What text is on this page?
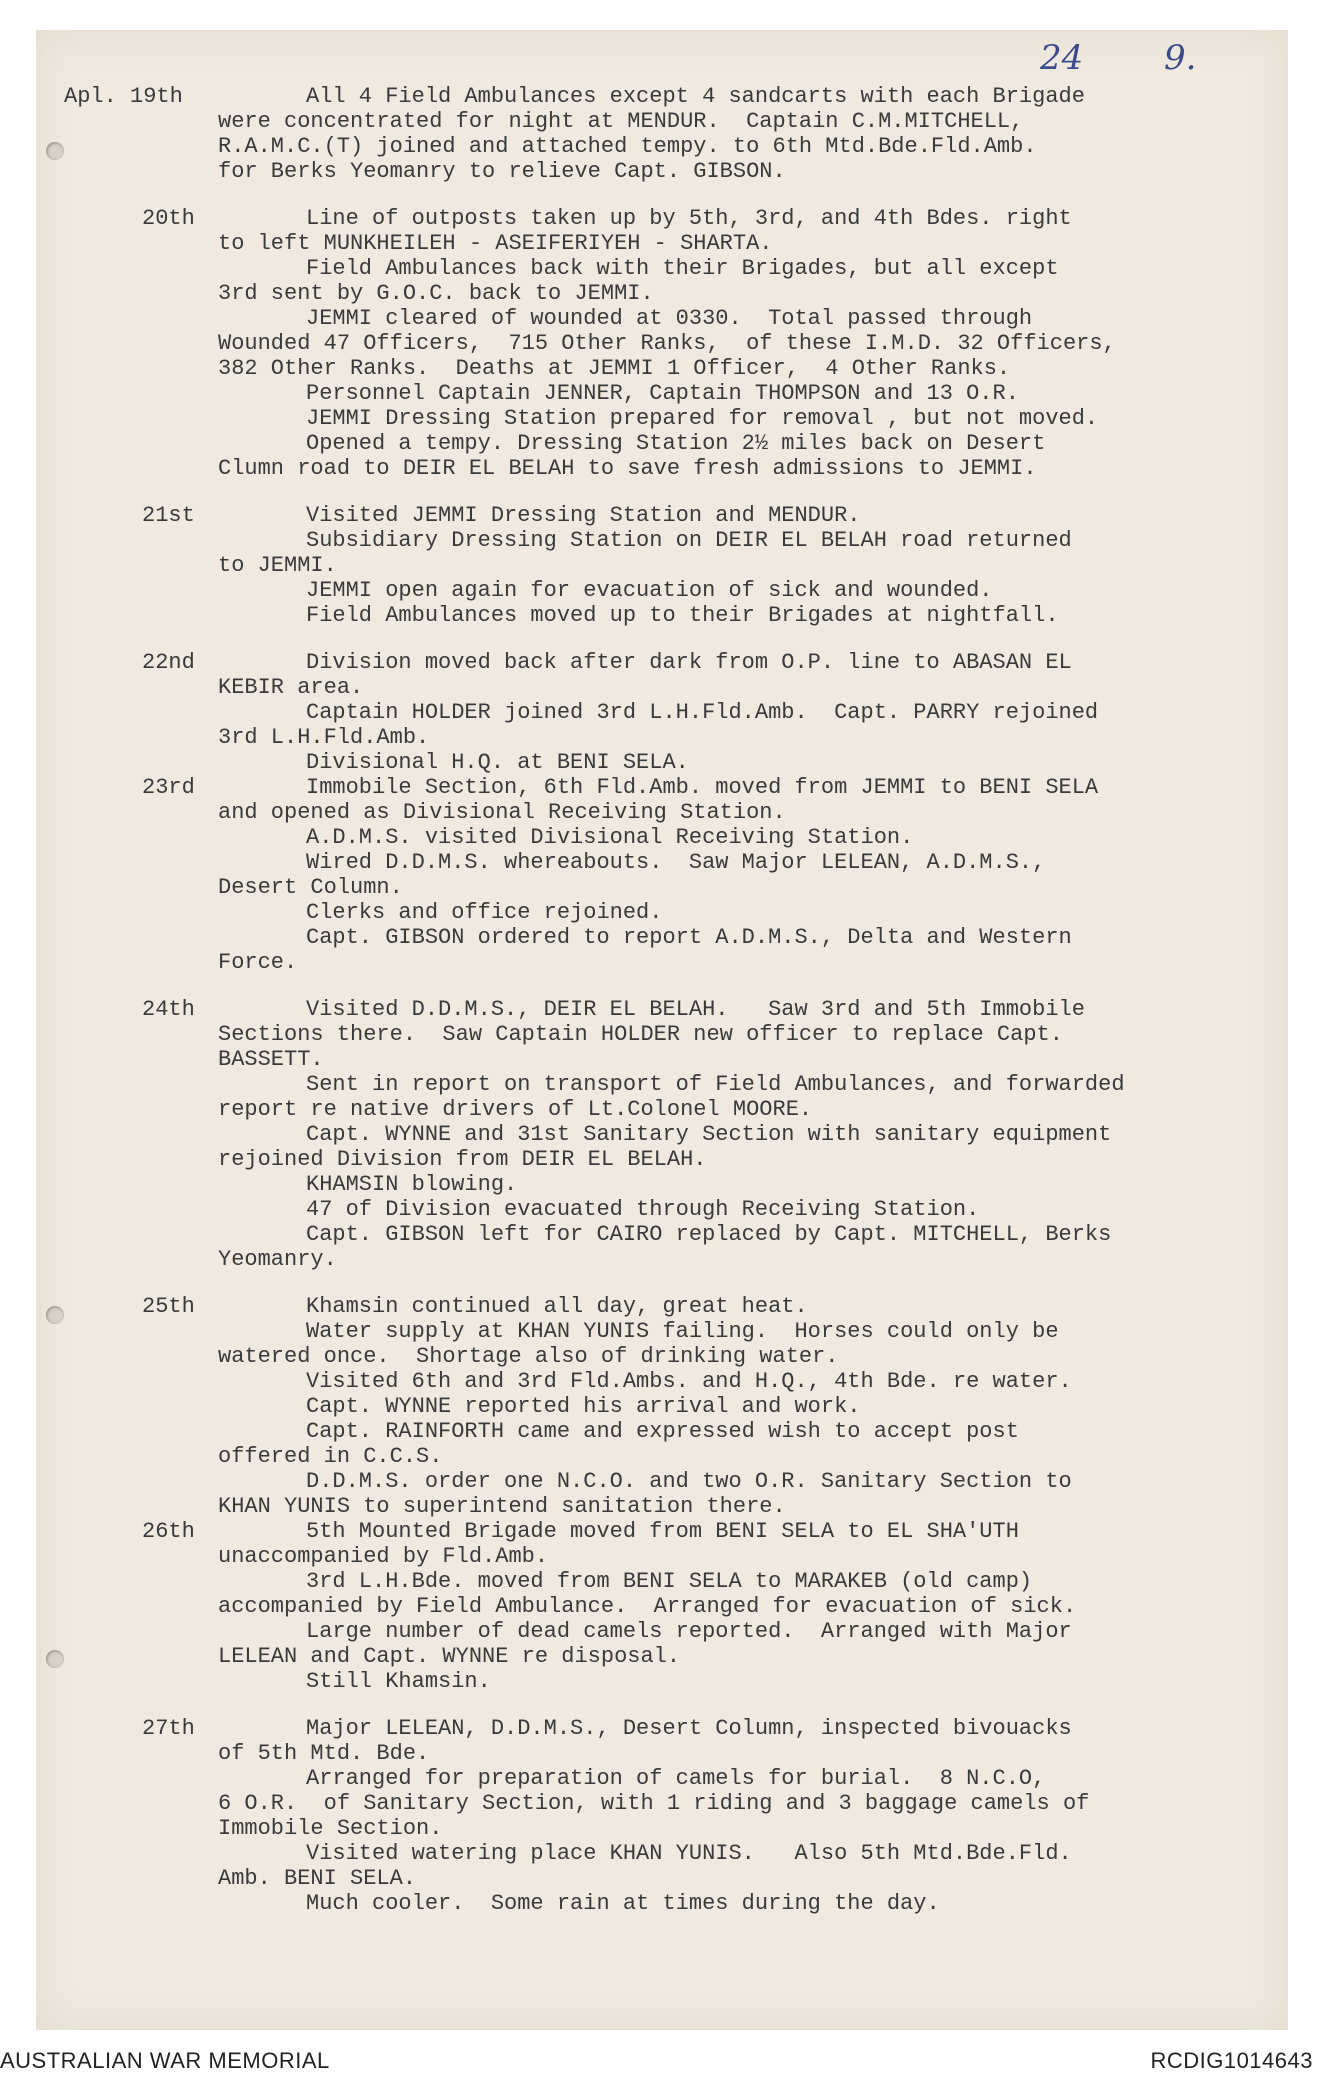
24 9.
Apl. 19th	All 4 Field Ambulances except 4 sandcarts with each Brigade
were concentrated for night at MENDUR.  Captain C.M.MITCHELL,
R.A.M.C.(T) joined and attached tempy. to 6th Mtd.Bde.Fld.Amb.
for Berks Yeomanry to relieve Capt. GIBSON.
20th	Line of outposts taken up by 5th, 3rd, and 4th Bdes. right
to left MUNKHEILEH - ASEIFERIYEH - SHARTA.
Field Ambulances back with their Brigades, but all except
3rd sent by G.O.C. back to JEMMI.
JEMMI cleared of wounded at 0330.  Total passed through
Wounded 47 Officers,  715 Other Ranks,  of these I.M.D. 32 Officers,
382 Other Ranks.  Deaths at JEMMI 1 Officer,  4 Other Ranks.
Personnel Captain JENNER, Captain THOMPSON and 13 O.R.
JEMMI Dressing Station prepared for removal , but not moved.
Opened a tempy. Dressing Station 2½ miles back on Desert
Clumn road to DEIR EL BELAH to save fresh admissions to JEMMI.
21st	Visited JEMMI Dressing Station and MENDUR.
Subsidiary Dressing Station on DEIR EL BELAH road returned
to JEMMI.
JEMMI open again for evacuation of sick and wounded.
Field Ambulances moved up to their Brigades at nightfall.
22nd	Division moved back after dark from O.P. line to ABASAN EL
KEBIR area.
Captain HOLDER joined 3rd L.H.Fld.Amb.  Capt. PARRY rejoined
3rd L.H.Fld.Amb.
Divisional H.Q. at BENI SELA.
23rd	Immobile Section, 6th Fld.Amb. moved from JEMMI to BENI SELA
and opened as Divisional Receiving Station.
A.D.M.S. visited Divisional Receiving Station.
Wired D.D.M.S. whereabouts.  Saw Major LELEAN, A.D.M.S.,
Desert Column.
Clerks and office rejoined.
Capt. GIBSON ordered to report A.D.M.S., Delta and Western
Force.
24th	Visited D.D.M.S., DEIR EL BELAH.   Saw 3rd and 5th Immobile
Sections there.  Saw Captain HOLDER new officer to replace Capt.
BASSETT.
Sent in report on transport of Field Ambulances, and forwarded
report re native drivers of Lt.Colonel MOORE.
Capt. WYNNE and 31st Sanitary Section with sanitary equipment
rejoined Division from DEIR EL BELAH.
KHAMSIN blowing.
47 of Division evacuated through Receiving Station.
Capt. GIBSON left for CAIRO replaced by Capt. MITCHELL, Berks
Yeomanry.
25th	Khamsin continued all day, great heat.
Water supply at KHAN YUNIS failing.  Horses could only be
watered once.  Shortage also of drinking water.
Visited 6th and 3rd Fld.Ambs. and H.Q., 4th Bde. re water.
Capt. WYNNE reported his arrival and work.
Capt. RAINFORTH came and expressed wish to accept post
offered in C.C.S.
D.D.M.S. order one N.C.O. and two O.R. Sanitary Section to
KHAN YUNIS to superintend sanitation there.
26th	5th Mounted Brigade moved from BENI SELA to EL SHA'UTH
unaccompanied by Fld.Amb.
3rd L.H.Bde. moved from BENI SELA to MARAKEB (old camp)
accompanied by Field Ambulance.  Arranged for evacuation of sick.
Large number of dead camels reported.  Arranged with Major
LELEAN and Capt. WYNNE re disposal.
Still Khamsin.
27th	Major LELEAN, D.D.M.S., Desert Column, inspected bivouacks
of 5th Mtd. Bde.
Arranged for preparation of camels for burial.  8 N.C.O,
6 O.R.  of Sanitary Section, with 1 riding and 3 baggage camels of
Immobile Section.
Visited watering place KHAN YUNIS.   Also 5th Mtd.Bde.Fld.
Amb. BENI SELA.
Much cooler.  Some rain at times during the day.
AUSTRALIAN WAR MEMORIAL	RCDIG1014643
